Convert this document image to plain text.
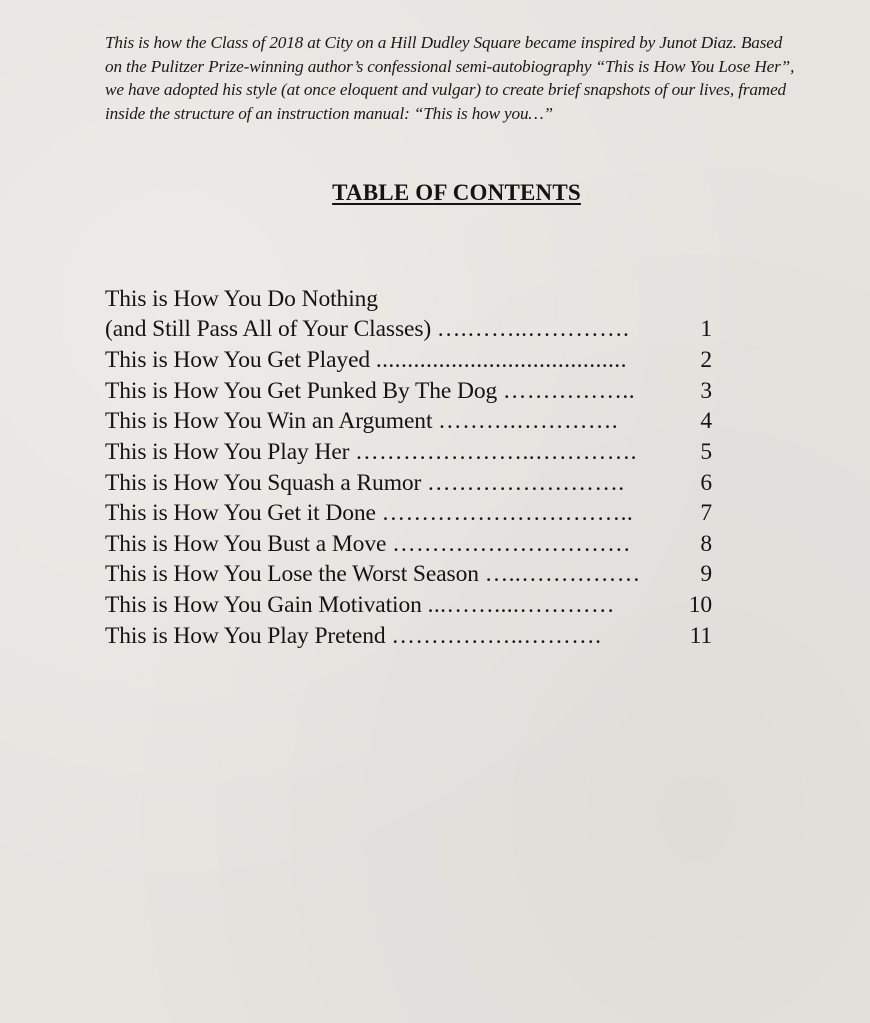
This is how the Class of 2018 at City on a Hill Dudley Square became inspired by Junot Diaz. Based
on the Pulitzer Prize-winning author’s confessional semi-autobiography “This is How You Lose Her”,
we have adopted his style (at once eloquent and vulgar) to create brief snapshots of our lives, framed
inside the structure of an instruction manual: “This is how you…”
TABLE OF CONTENTS
This is How You Do Nothing
(and Still Pass All of Your Classes) ….……..………….	1
This is How You Get Played ........................................	2
This is How You Get Punked By The Dog ……………..	3
This is How You Win an Argument ……….………….	4
This is How You Play Her …………………..………….	5
This is How You Squash a Rumor …………………….	6
This is How You Get it Done …………………………..	7
This is How You Bust a Move …………………………	8
This is How You Lose the Worst Season …..……………	9
This is How You Gain Motivation ...……....…………	10
This is How You Play Pretend ……………..……….	11
